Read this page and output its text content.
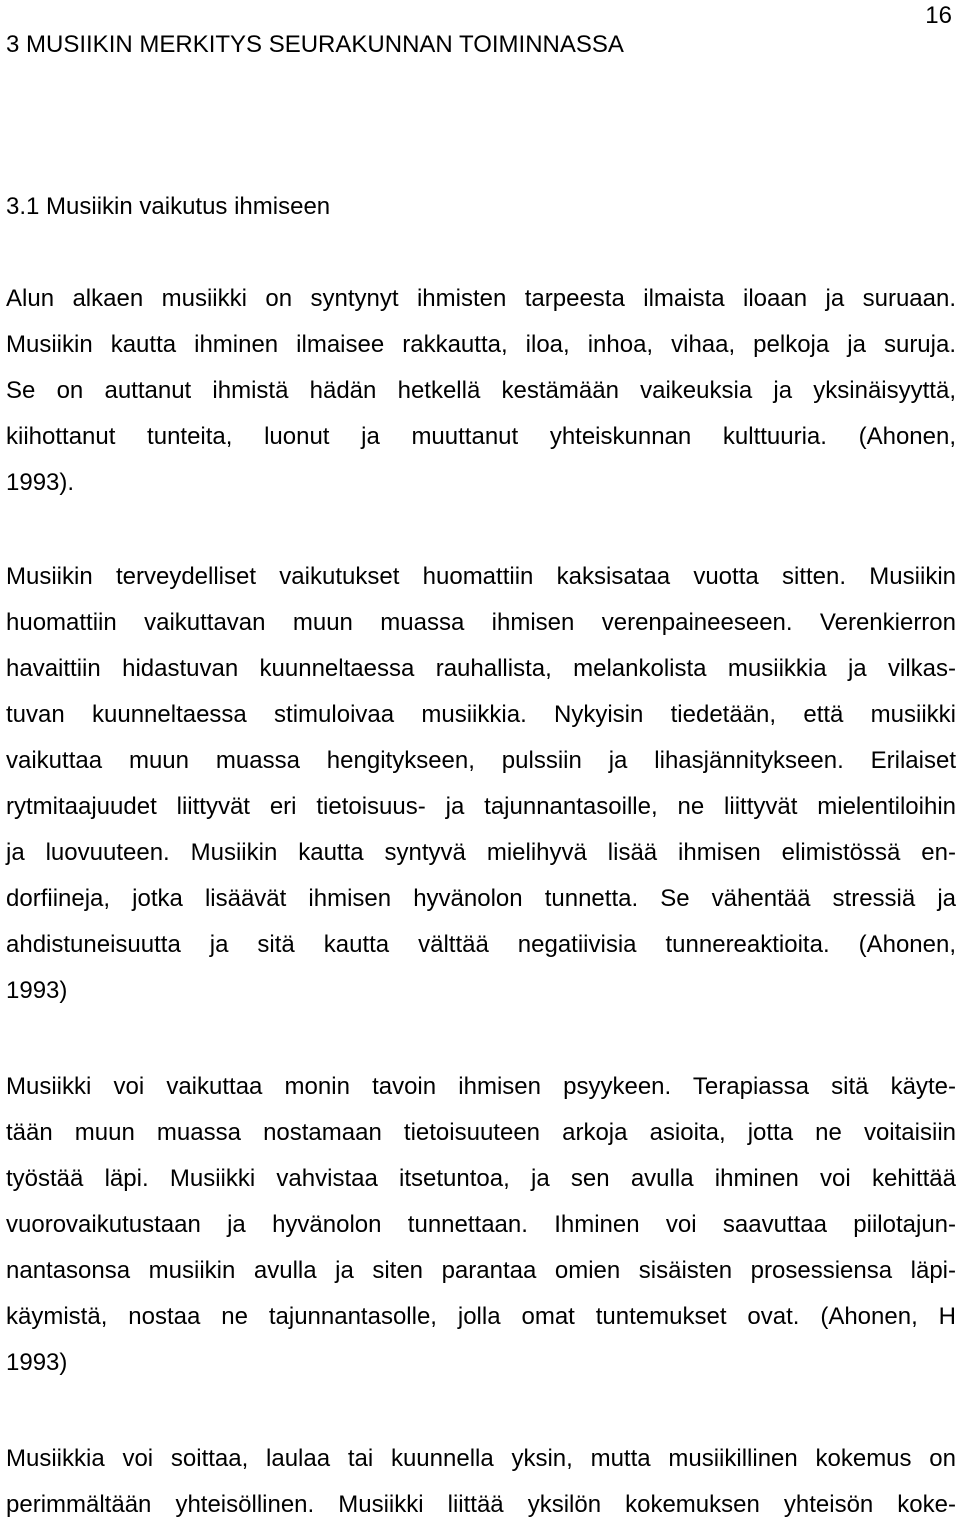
16
3 MUSIIKIN MERKITYS SEURAKUNNAN TOIMINNASSA
3.1 Musiikin vaikutus ihmiseen
Alun alkaen musiikki on syntynyt ihmisten tarpeesta ilmaista iloaan ja suruaan.
Musiikin kautta ihminen ilmaisee rakkautta, iloa, inhoa, vihaa, pelkoja ja suruja.
Se on auttanut ihmistä hädän hetkellä kestämään vaikeuksia ja yksinäisyyttä,
kiihottanut tunteita, luonut ja muuttanut yhteiskunnan kulttuuria. (Ahonen,
1993).
Musiikin terveydelliset vaikutukset huomattiin kaksisataa vuotta sitten. Musiikin
huomattiin vaikuttavan muun muassa ihmisen verenpaineeseen. Verenkierron
havaittiin hidastuvan kuunneltaessa rauhallista, melankolista musiikkia ja vilkas-
tuvan kuunneltaessa stimuloivaa musiikkia. Nykyisin tiedetään, että musiikki
vaikuttaa muun muassa hengitykseen, pulssiin ja lihasjännitykseen. Erilaiset
rytmitaajuudet liittyvät eri tietoisuus- ja tajunnantasoille, ne liittyvät mielentiloihin
ja luovuuteen. Musiikin kautta syntyvä mielihyvä lisää ihmisen elimistössä en-
dorfiineja, jotka lisäävät ihmisen hyvänolon tunnetta. Se vähentää stressiä ja
ahdistuneisuutta ja sitä kautta välttää negatiivisia tunnereaktioita. (Ahonen,
1993)
Musiikki voi vaikuttaa monin tavoin ihmisen psyykeen. Terapiassa sitä käyte-
tään muun muassa nostamaan tietoisuuteen arkoja asioita, jotta ne voitaisiin
työstää läpi. Musiikki vahvistaa itsetuntoa, ja sen avulla ihminen voi kehittää
vuorovaikutustaan ja hyvänolon tunnettaan. Ihminen voi saavuttaa piilotajun-
nantasonsa musiikin avulla ja siten parantaa omien sisäisten prosessiensa läpi-
käymistä, nostaa ne tajunnantasolle, jolla omat tuntemukset ovat. (Ahonen, H
1993)
Musiikkia voi soittaa, laulaa tai kuunnella yksin, mutta musiikillinen kokemus on
perimmältään yhteisöllinen. Musiikki liittää yksilön kokemuksen yhteisön koke-
